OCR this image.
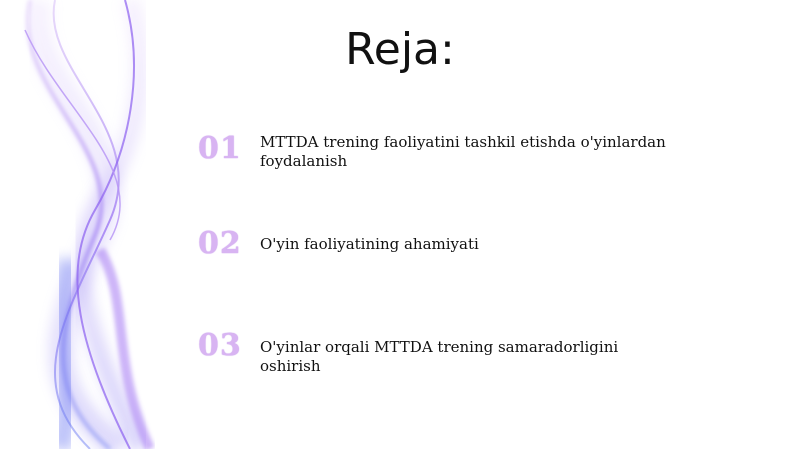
Reja:
01	MTTDA trening faoliyatini tashkil etishda o'yinlardan foydalanish
02	O'yin faoliyatining ahamiyati
03	O'yinlar orqali MTTDA trening samaradorligini oshirish
